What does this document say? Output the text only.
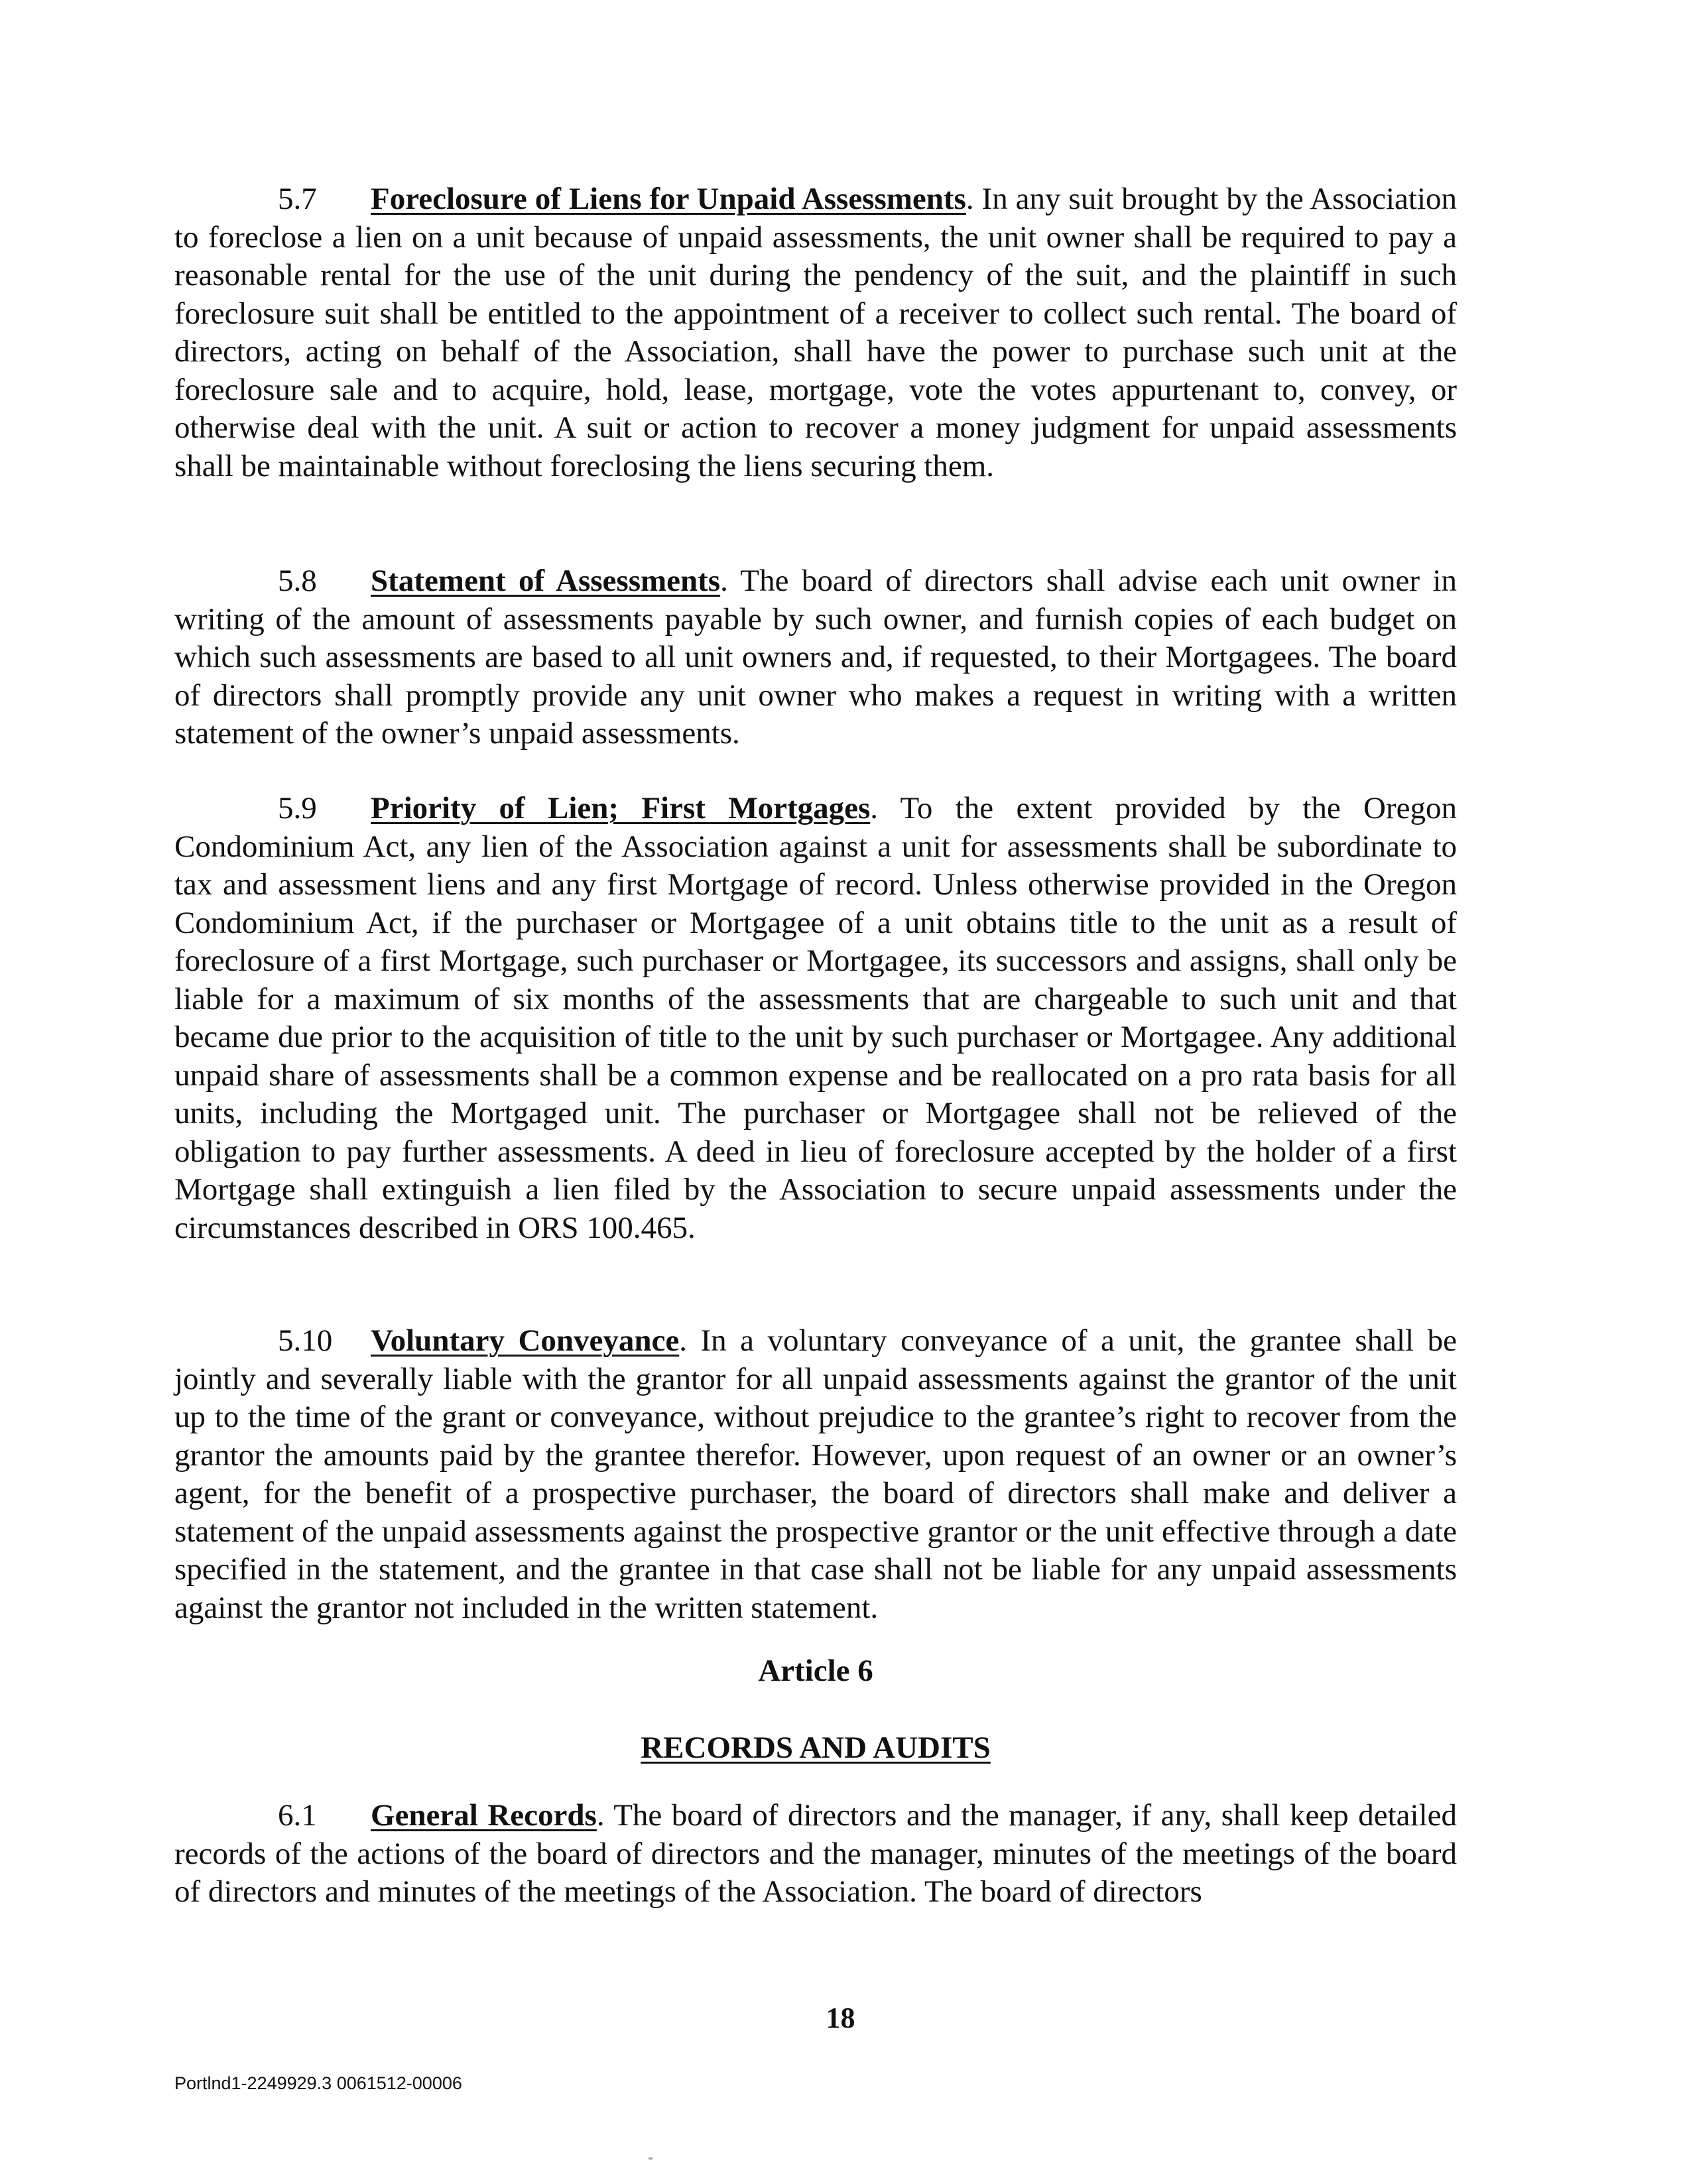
5.7 Foreclosure of Liens for Unpaid Assessments. In any suit brought by the Association to foreclose a lien on a unit because of unpaid assessments, the unit owner shall be required to pay a reasonable rental for the use of the unit during the pendency of the suit, and the plaintiff in such foreclosure suit shall be entitled to the appointment of a receiver to collect such rental. The board of directors, acting on behalf of the Association, shall have the power to purchase such unit at the foreclosure sale and to acquire, hold, lease, mortgage, vote the votes appurtenant to, convey, or otherwise deal with the unit. A suit or action to recover a money judgment for unpaid assessments shall be maintainable without foreclosing the liens securing them.

5.8 Statement of Assessments. The board of directors shall advise each unit owner in writing of the amount of assessments payable by such owner, and furnish copies of each budget on which such assessments are based to all unit owners and, if requested, to their Mortgagees. The board of directors shall promptly provide any unit owner who makes a request in writing with a written statement of the owner’s unpaid assessments.

5.9 Priority of Lien; First Mortgages. To the extent provided by the Oregon Condominium Act, any lien of the Association against a unit for assessments shall be subordinate to tax and assessment liens and any first Mortgage of record. Unless otherwise provided in the Oregon Condominium Act, if the purchaser or Mortgagee of a unit obtains title to the unit as a result of foreclosure of a first Mortgage, such purchaser or Mortgagee, its successors and assigns, shall only be liable for a maximum of six months of the assessments that are chargeable to such unit and that became due prior to the acquisition of title to the unit by such purchaser or Mortgagee. Any additional unpaid share of assessments shall be a common expense and be reallocated on a pro rata basis for all units, including the Mortgaged unit. The purchaser or Mortgagee shall not be relieved of the obligation to pay further assessments. A deed in lieu of foreclosure accepted by the holder of a first Mortgage shall extinguish a lien filed by the Association to secure unpaid assessments under the circumstances described in ORS 100.465.

5.10 Voluntary Conveyance. In a voluntary conveyance of a unit, the grantee shall be jointly and severally liable with the grantor for all unpaid assessments against the grantor of the unit up to the time of the grant or conveyance, without prejudice to the grantee’s right to recover from the grantor the amounts paid by the grantee therefor. However, upon request of an owner or an owner’s agent, for the benefit of a prospective purchaser, the board of directors shall make and deliver a statement of the unpaid assessments against the prospective grantor or the unit effective through a date specified in the statement, and the grantee in that case shall not be liable for any unpaid assessments against the grantor not included in the written statement.

Article 6

RECORDS AND AUDITS

6.1 General Records. The board of directors and the manager, if any, shall keep detailed records of the actions of the board of directors and the manager, minutes of the meetings of the board of directors and minutes of the meetings of the Association. The board of directors

18

Portlnd1-2249929.3 0061512-00006
